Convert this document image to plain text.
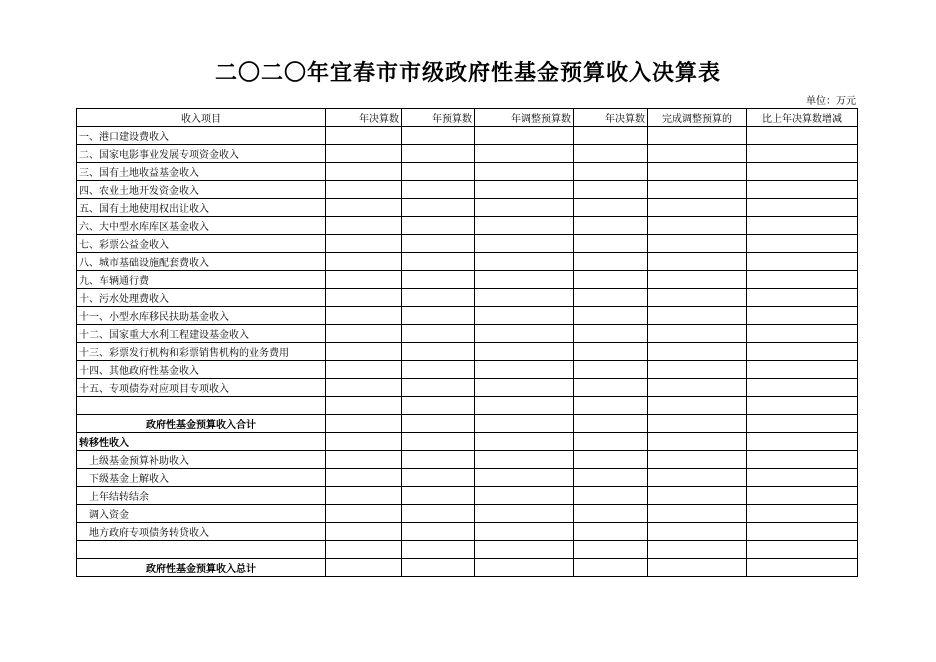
二〇二〇年宜春市市级政府性基金预算收入决算表
单位：万元
收入项目	年决算数	年预算数	年调整预算数	年决算数	完成调整预算的	比上年决算数增减
一、港口建设费收入						
二、国家电影事业发展专项资金收入						
三、国有土地收益基金收入						
四、农业土地开发资金收入						
五、国有土地使用权出让收入						
六、大中型水库库区基金收入						
七、彩票公益金收入						
八、城市基础设施配套费收入						
九、车辆通行费						
十、污水处理费收入						
十一、小型水库移民扶助基金收入						
十二、国家重大水利工程建设基金收入						
十三、彩票发行机构和彩票销售机构的业务费用						
十四、其他政府性基金收入						
十五、专项债券对应项目专项收入						

政府性基金预算收入合计						
转移性收入						
上级基金预算补助收入						
下级基金上解收入						
上年结转结余						
调入资金						
地方政府专项债务转贷收入						

政府性基金预算收入总计						
